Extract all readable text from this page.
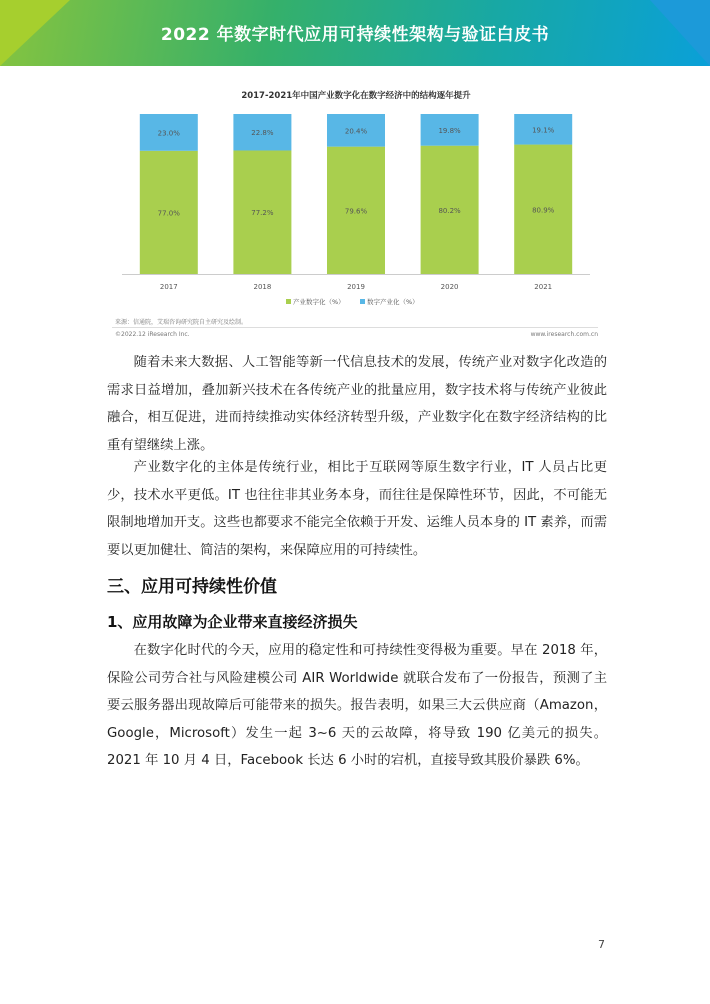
2022 年数字时代应用可持续性架构与验证白皮书
2017-2021年中国产业数字化在数字经济中的结构逐年提升
77.0%
23.0%
2017
77.2%
22.8%
2018
79.6%
20.4%
2019
80.2%
19.8%
2020
80.9%
19.1%
2021
产业数字化（%）	数字产业化（%）
来源：信通院，艾瑞咨询研究院自主研究及绘制。
©2022.12 iResearch Inc.	www.iresearch.com.cn

随着未来大数据、人工智能等新一代信息技术的发展，传统产业对数字化改造的需求日益增加，叠加新兴技术在各传统产业的批量应用，数字技术将与传统产业彼此融合，相互促进，进而持续推动实体经济转型升级，产业数字化在数字经济结构的比重有望继续上涨。

产业数字化的主体是传统行业，相比于互联网等原生数字行业，IT 人员占比更少，技术水平更低。IT 也往往非其业务本身，而往往是保障性环节，因此，不可能无限制地增加开支。这些也都要求不能完全依赖于开发、运维人员本身的 IT 素养，而需要以更加健壮、简洁的架构，来保障应用的可持续性。

三、应用可持续性价值
1、应用故障为企业带来直接经济损失

在数字化时代的今天，应用的稳定性和可持续性变得极为重要。早在 2018 年，保险公司劳合社与风险建模公司 AIR Worldwide 就联合发布了一份报告，预测了主要云服务器出现故障后可能带来的损失。报告表明，如果三大云供应商（Amazon，Google，Microsoft）发生一起 3~6 天的云故障，将导致 190 亿美元的损失。2021 年 10 月 4 日，Facebook 长达 6 小时的宕机，直接导致其股价暴跌 6%。

7
